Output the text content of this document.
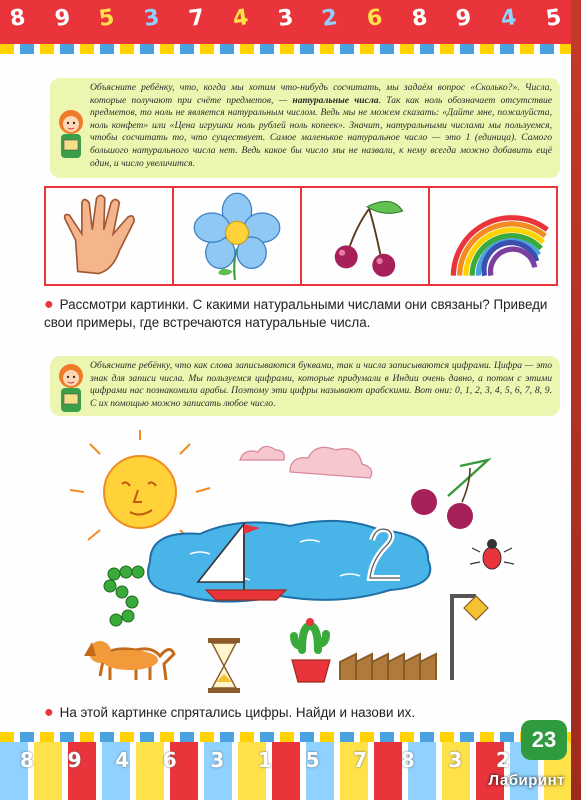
8 9 5 3 7 4 3 2 6 8 9 4 5
Объясните ребёнку, что, когда мы хотим что-нибудь сосчитать, мы задаём вопрос «Сколько?». Числа, которые получают при счёте предметов, — натуральные числа. Так как ноль обозначает отсутствие предметов, то ноль не является натуральным числом. Ведь мы не можем сказать: «Дайте мне, пожалуйста, ноль конфет» или «Цена игрушки ноль рублей ноль копеек». Значит, натуральными числами мы пользуемся, чтобы сосчитать то, что существует. Самое маленькое натуральное число — это 1 (единица). Самого большого натурального числа нет. Ведь какое бы число мы не назвали, к нему всегда можно добавить ещё один, и число увеличится.
● Рассмотри картинки. С какими натуральными числами они связаны? Приведи свои примеры, где встречаются натуральные числа.
Объясните ребёнку, что как слова записываются буквами, так и числа записываются цифрами. Цифра — это знак для записи числа. Мы пользуемся цифрами, которые придумали в Индии очень давно, а потом с этими цифрами нас познакомили арабы. Поэтому эти цифры называют арабскими. Вот они: 0, 1, 2, 3, 4, 5, 6, 7, 8, 9. С их помощью можно записать любое число.
● На этой картинке спрятались цифры. Найди и назови их.
8 9 4 6 3 1 5 7 8 3 2
23
Лабиринт
